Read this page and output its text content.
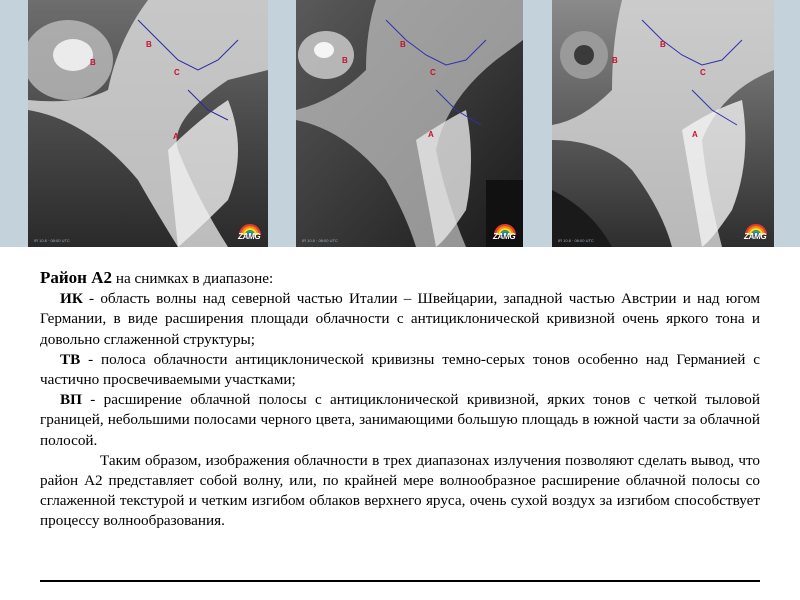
B
B
C
A
IR 10.8 · 08:00 UTC	ZAMG
B
B
C
A
IR 10.8 · 08:00 UTC	ZAMG
B
B
C
A
IR 10.8 · 08:00 UTC	ZAMG

Район A2 на снимках в диапазоне:

ИК - область волны над северной частью Италии – Швейцарии, западной частью Австрии и над югом Германии, в виде расширения площади облачности с антициклонической кривизной очень яркого тона и довольно сглаженной структуры;

ТВ - полоса облачности антициклонической кривизны темно-серых тонов особенно над Германией с частично просвечиваемыми участками;

ВП - расширение облачной полосы с антициклонической кривизной, ярких тонов с четкой тыловой границей, небольшими полосами черного цвета, занимающими большую площадь в южной части за облачной полосой.

Таким образом, изображения облачности в трех диапазонах излучения позволяют сделать вывод, что район A2 представляет собой волну, или, по крайней мере волнообразное расширение облачной полосы со сглаженной текстурой и четким изгибом облаков верхнего яруса, очень сухой воздух за изгибом способствует процессу волнообразования.
